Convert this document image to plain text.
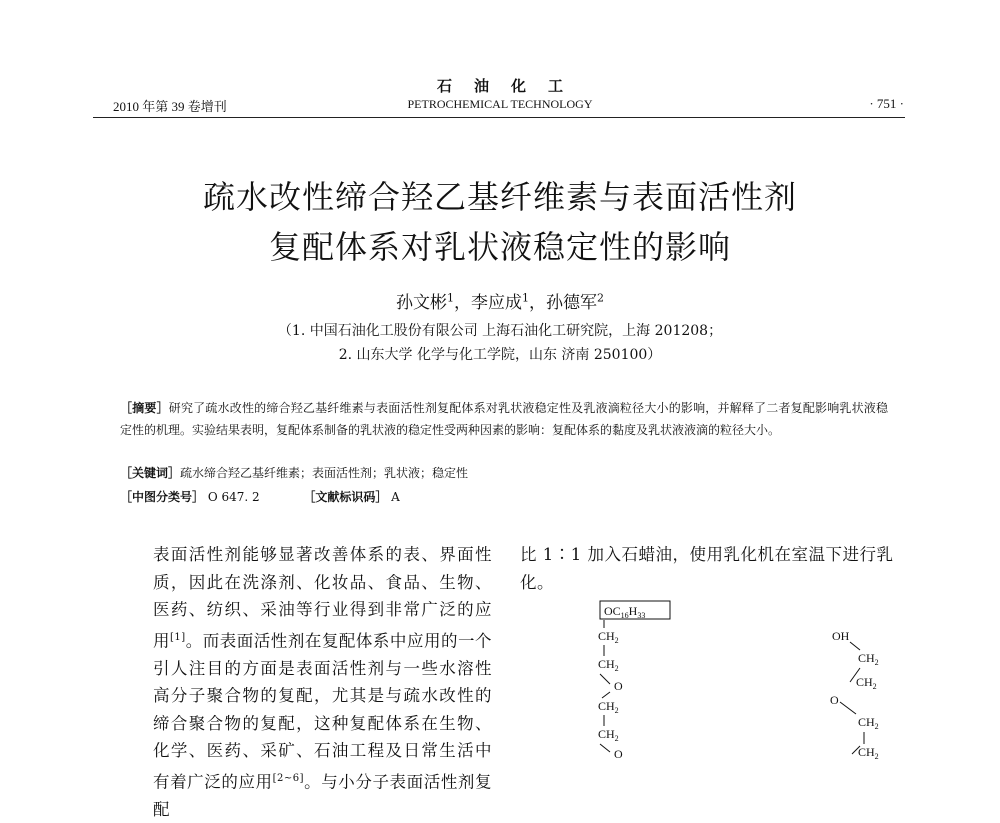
石油化工
2010 年第 39 卷增刊	PETROCHEMICAL TECHNOLOGY	· 751 ·
疏水改性缔合羟乙基纤维素与表面活性剂
复配体系对乳状液稳定性的影响
孙文彬$^1$，李应成$^1$，孙德军$^2$
（1. 中国石油化工股份有限公司 上海石油化工研究院，上海 201208；
2. 山东大学 化学与化工学院，山东 济南 250100）
［摘要］研究了疏水改性的缔合羟乙基纤维素与表面活性剂复配体系对乳状液稳定性及乳液滴粒径大小的影响，并解释了二者复配影响乳状液稳定性的机理。实验结果表明，复配体系制备的乳状液的稳定性受两种因素的影响：复配体系的黏度及乳状液液滴的粒径大小。
［关键词］疏水缔合羟乙基纤维素；表面活性剂；乳状液；稳定性
［中图分类号］ O 647. 2	［文献标识码］ A
表面活性剂能够显著改善体系的表、界面性质，因此在洗涤剂、化妆品、食品、生物、医药、纺织、采油等行业得到非常广泛的应用[1]。而表面活性剂在复配体系中应用的一个引人注目的方面是表面活性剂与一些水溶性高分子聚合物的复配，尤其是与疏水改性的缔合聚合物的复配，这种复配体系在生物、化学、医药、采矿、石油工程及日常生活中有着广泛的应用[2~6]。与小分子表面活性剂复配
比 1∶1 加入石蜡油，使用乳化机在室温下进行乳化。
$OC_{16}H_{33}$
$CH_2$
$CH_2$
O
$CH_2$
$CH_2$
O
OH
$CH_2$
$CH_2$
O
$CH_2$
$CH_2$
